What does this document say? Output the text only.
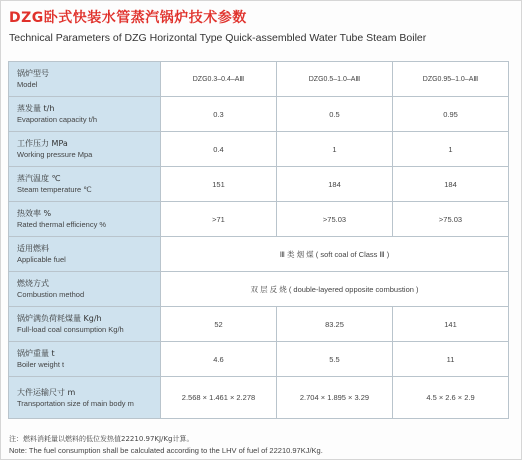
DZG卧式快装水管蒸汽锅炉技术参数
Technical Parameters of DZG Horizontal Type Quick-assembled Water Tube Steam Boiler
锅炉型号
Model	DZG0.3–0.4–AⅢ	DZG0.5–1.0–AⅢ	DZG0.95–1.0–AⅢ

蒸发量 t/h
Evaporation capacity t/h	0.3	0.5	0.95

工作压力 MPa
Working pressure Mpa	0.4	1	1

蒸汽温度 ℃
Steam temperature ℃	151	184	184

热效率 %
Rated thermal efficiency %	>71	>75.03	>75.03

适用燃料
Applicable fuel	Ⅲ 类 烟 煤 ( soft coal of Class Ⅲ )		

燃烧方式
Combustion method	双 层 反 烧 ( double-layered opposite combustion )		

锅炉满负荷耗煤量 Kg/h
Full-load coal consumption Kg/h	52	83.25	141

锅炉重量 t
Boiler weight t	4.6	5.5	11

大件运输尺寸 m
Transportation size of main body m	2.568 × 1.461 × 2.278	2.704 × 1.895 × 3.29	4.5 × 2.6 × 2.9
注：燃料消耗量以燃料的低位发热值22210.97KJ/Kg计算。
Note: The fuel consumption shall be calculated according to the LHV of fuel of 22210.97KJ/Kg.
